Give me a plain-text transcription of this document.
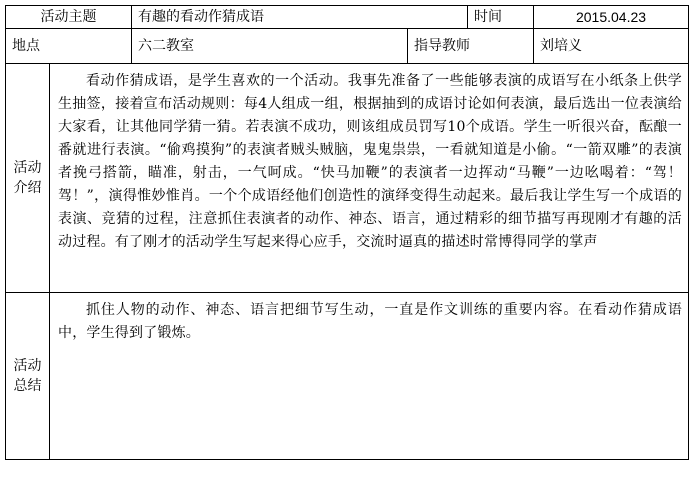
活动主题		有趣的看动作猜成语		时间	2015.04.23
地点		六二教室	指导教师		刘培义

活动
介绍	看动作猜成语，是学生喜欢的一个活动。我事先准备了一些能够表演的成语写在小纸条上供学生抽签，接着宣布活动规则：每4人组成一组，根据抽到的成语讨论如何表演，最后选出一位表演给大家看，让其他同学猜一猜。若表演不成功，则该组成员罚写10个成语。学生一听很兴奋，酝酿一番就进行表演。“偷鸡摸狗”的表演者贼头贼脑，鬼鬼祟祟，一看就知道是小偷。“一箭双雕”的表演者挽弓搭箭，瞄准，射击，一气呵成。“快马加鞭”的表演者一边挥动“马鞭”一边吆喝着：“驾！驾！”，演得惟妙惟肖。一个个成语经他们创造性的演绎变得生动起来。最后我让学生写一个成语的表演、竞猜的过程，注意抓住表演者的动作、神态、语言，通过精彩的细节描写再现刚才有趣的活动过程。有了刚才的活动学生写起来得心应手，交流时逼真的描述时常博得同学的掌声				

活动
总结	抓住人物的动作、神态、语言把细节写生动，一直是作文训练的重要内容。在看动作猜成语中，学生得到了锻炼。				
